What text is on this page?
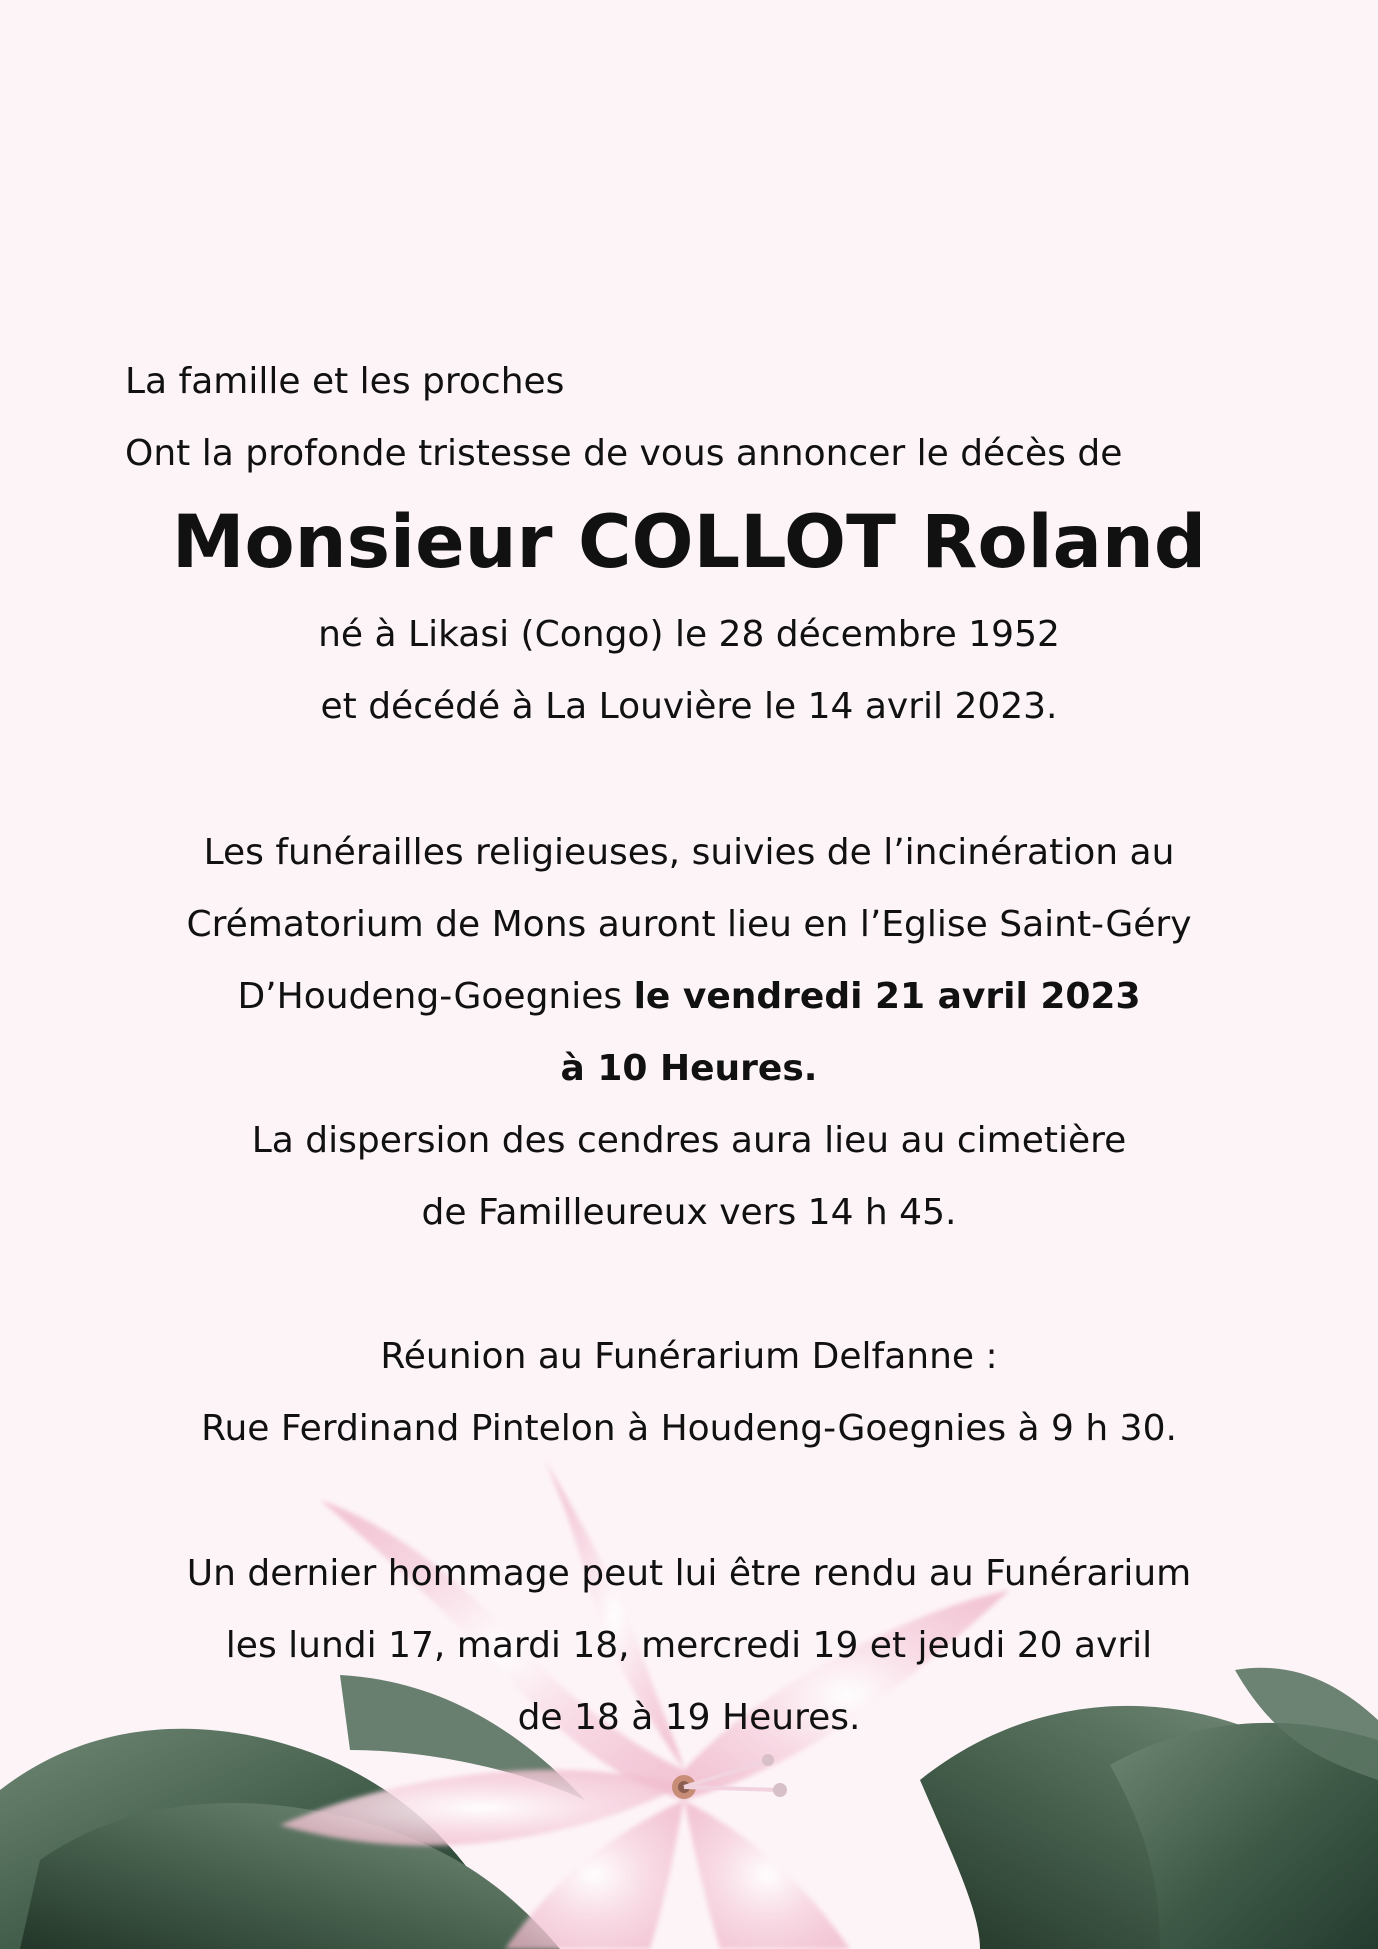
La famille et les proches

Ont la profonde tristesse de vous annoncer le décès de

Monsieur COLLOT Roland

né à Likasi (Congo) le 28 décembre 1952

et décédé à La Louvière le 14 avril 2023.

Les funérailles religieuses, suivies de l’incinération au

Crématorium de Mons auront lieu en l’Eglise Saint-Géry

D’Houdeng-Goegnies le vendredi 21 avril 2023

à 10 Heures.

La dispersion des cendres aura lieu au cimetière

de Familleureux vers 14 h 45.

Réunion au Funérarium Delfanne :

Rue Ferdinand Pintelon à Houdeng-Goegnies à 9 h 30.

Un dernier hommage peut lui être rendu au Funérarium

les lundi 17, mardi 18, mercredi 19 et jeudi 20 avril

de 18 à 19 Heures.
